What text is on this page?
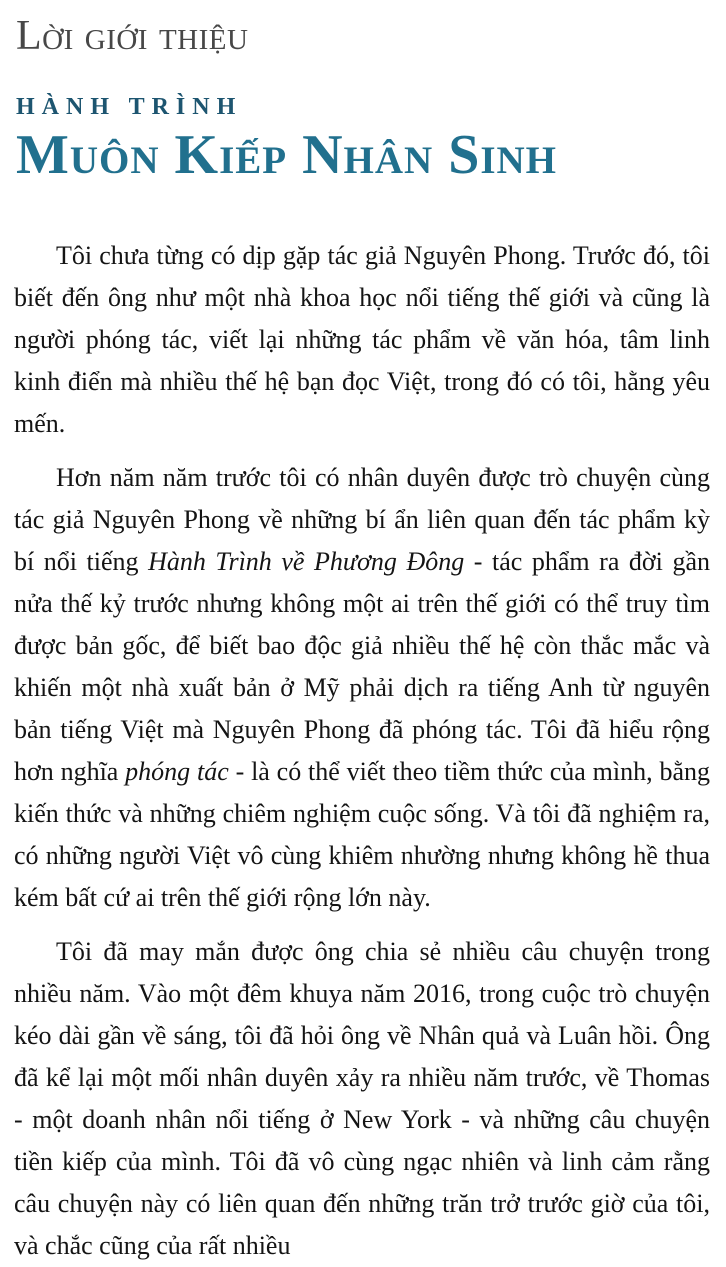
Lời giới thiệu
HÀNH TRÌNH
Muôn Kiếp Nhân Sinh

Tôi chưa từng có dịp gặp tác giả Nguyên Phong. Trước đó, tôi biết đến ông như một nhà khoa học nổi tiếng thế giới và cũng là người phóng tác, viết lại những tác phẩm về văn hóa, tâm linh kinh điển mà nhiều thế hệ bạn đọc Việt, trong đó có tôi, hằng yêu mến.

Hơn năm năm trước tôi có nhân duyên được trò chuyện cùng tác giả Nguyên Phong về những bí ẩn liên quan đến tác phẩm kỳ bí nổi tiếng Hành Trình về Phương Đông - tác phẩm ra đời gần nửa thế kỷ trước nhưng không một ai trên thế giới có thể truy tìm được bản gốc, để biết bao độc giả nhiều thế hệ còn thắc mắc và khiến một nhà xuất bản ở Mỹ phải dịch ra tiếng Anh từ nguyên bản tiếng Việt mà Nguyên Phong đã phóng tác. Tôi đã hiểu rộng hơn nghĩa phóng tác - là có thể viết theo tiềm thức của mình, bằng kiến thức và những chiêm nghiệm cuộc sống. Và tôi đã nghiệm ra, có những người Việt vô cùng khiêm nhường nhưng không hề thua kém bất cứ ai trên thế giới rộng lớn này.

Tôi đã may mắn được ông chia sẻ nhiều câu chuyện trong nhiều năm. Vào một đêm khuya năm 2016, trong cuộc trò chuyện kéo dài gần về sáng, tôi đã hỏi ông về Nhân quả và Luân hồi. Ông đã kể lại một mối nhân duyên xảy ra nhiều năm trước, về Thomas - một doanh nhân nổi tiếng ở New York - và những câu chuyện tiền kiếp của mình. Tôi đã vô cùng ngạc nhiên và linh cảm rằng câu chuyện này có liên quan đến những trăn trở trước giờ của tôi, và chắc cũng của rất nhiều
